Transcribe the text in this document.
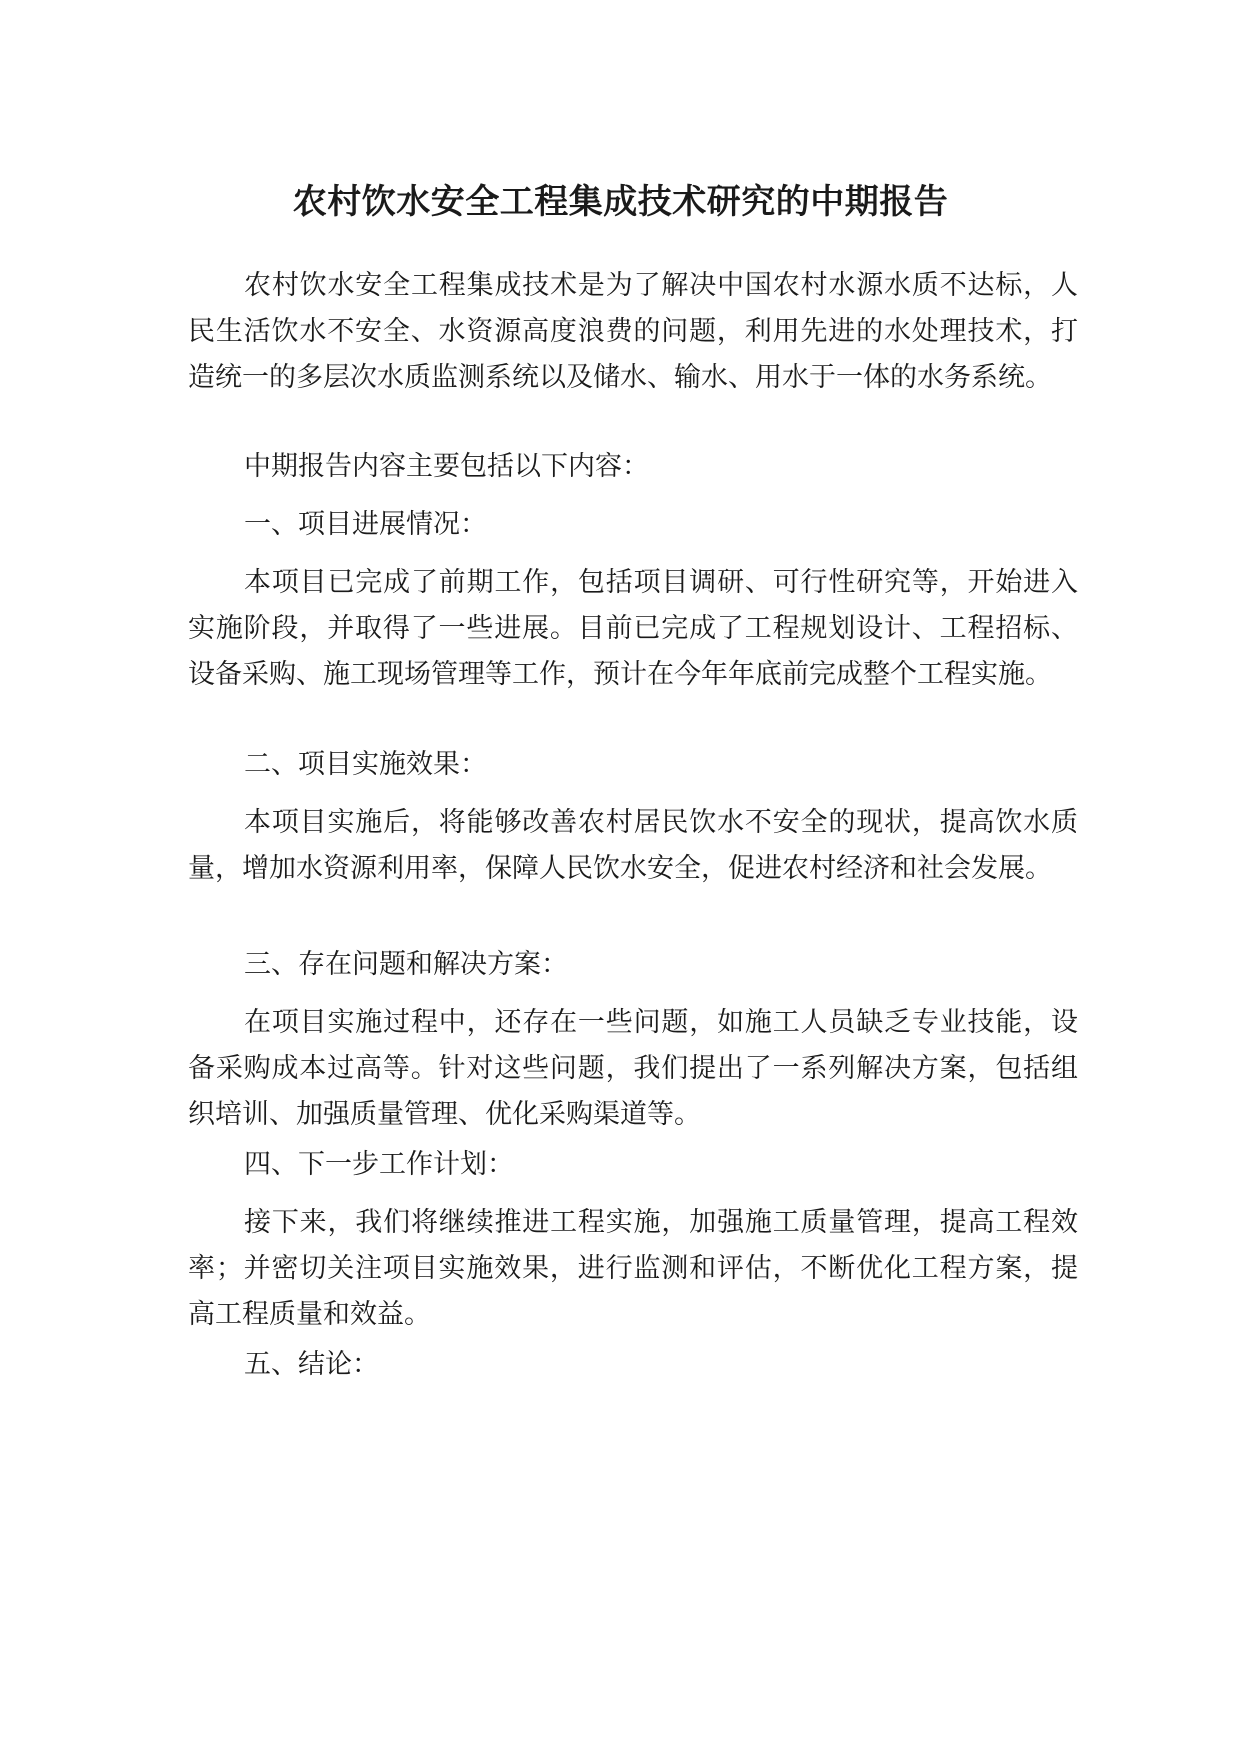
农村饮水安全工程集成技术研究的中期报告

农村饮水安全工程集成技术是为了解决中国农村水源水质不达标，人民生活饮水不安全、水资源高度浪费的问题，利用先进的水处理技术，打造统一的多层次水质监测系统以及储水、输水、用水于一体的水务系统。

中期报告内容主要包括以下内容：

一、项目进展情况：

本项目已完成了前期工作，包括项目调研、可行性研究等，开始进入实施阶段，并取得了一些进展。目前已完成了工程规划设计、工程招标、设备采购、施工现场管理等工作，预计在今年年底前完成整个工程实施。

二、项目实施效果：

本项目实施后，将能够改善农村居民饮水不安全的现状，提高饮水质量，增加水资源利用率，保障人民饮水安全，促进农村经济和社会发展。

三、存在问题和解决方案：

在项目实施过程中，还存在一些问题，如施工人员缺乏专业技能，设备采购成本过高等。针对这些问题，我们提出了一系列解决方案，包括组织培训、加强质量管理、优化采购渠道等。

四、下一步工作计划：

接下来，我们将继续推进工程实施，加强施工质量管理，提高工程效率；并密切关注项目实施效果，进行监测和评估，不断优化工程方案，提高工程质量和效益。

五、结论：
